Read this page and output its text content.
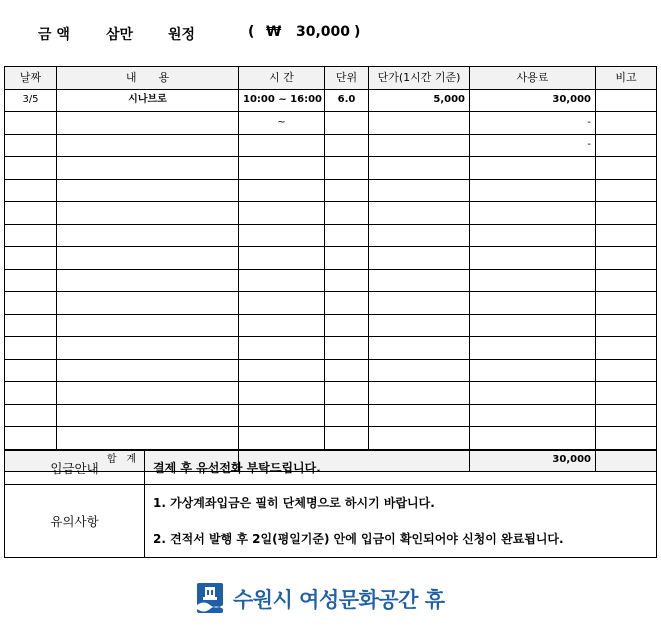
금 액	삼만 원정	( ₩ 30,000 )
날짜	내　　용	시 간	단위	단가(1시간 기준)	사용료	비고
3/5	시나브로	10:00 ~ 16:00	6.0	5,000	30,000	
		~			-	
					-	

합　계					30,000	
입금안내	결제 후 유선전화 부탁드립니다.
유의사항	1. 가상계좌입금은 필히 단체명으로 하시기 바랍니다.
2. 견적서 발행 후 2일(평일기준) 안에 입금이 확인되어야 신청이 완료됩니다.
수원시 여성문화공간 휴
